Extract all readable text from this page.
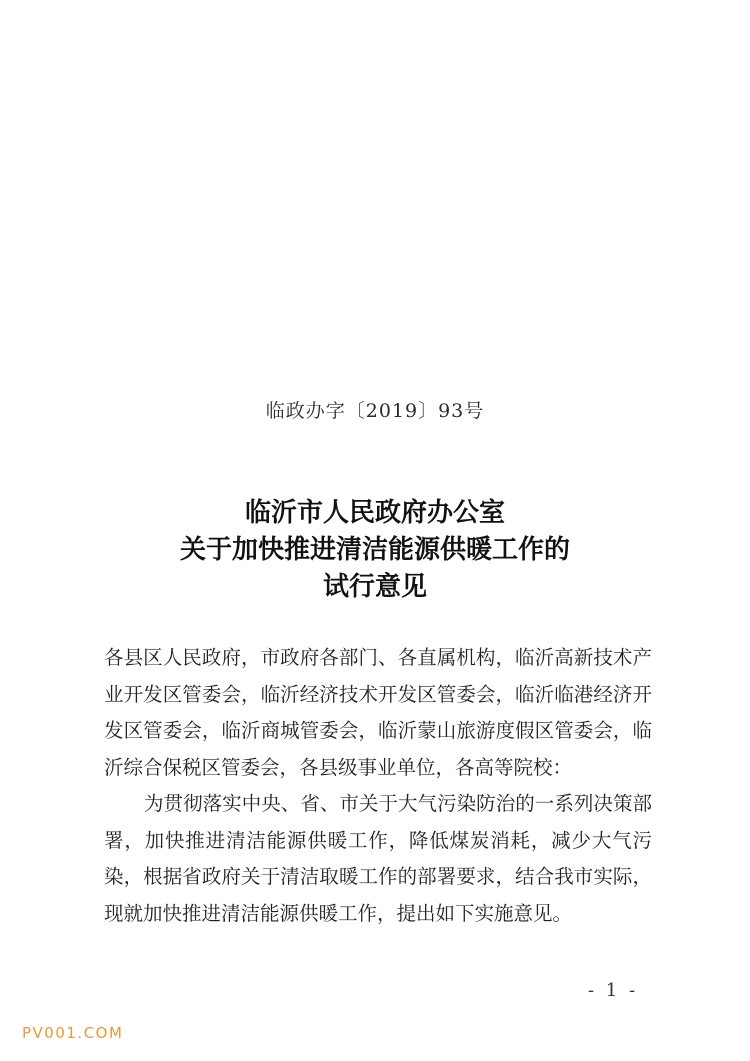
临政办字〔2019〕93号
临沂市人民政府办公室
关于加快推进清洁能源供暖工作的
试行意见

各县区人民政府，市政府各部门、各直属机构，临沂高新技术产业开发区管委会，临沂经济技术开发区管委会，临沂临港经济开发区管委会，临沂商城管委会，临沂蒙山旅游度假区管委会，临沂综合保税区管委会，各县级事业单位，各高等院校：

为贯彻落实中央、省、市关于大气污染防治的一系列决策部署，加快推进清洁能源供暖工作，降低煤炭消耗，减少大气污染，根据省政府关于清洁取暖工作的部署要求，结合我市实际，现就加快推进清洁能源供暖工作，提出如下实施意见。

- 1 -
PV001.COM
